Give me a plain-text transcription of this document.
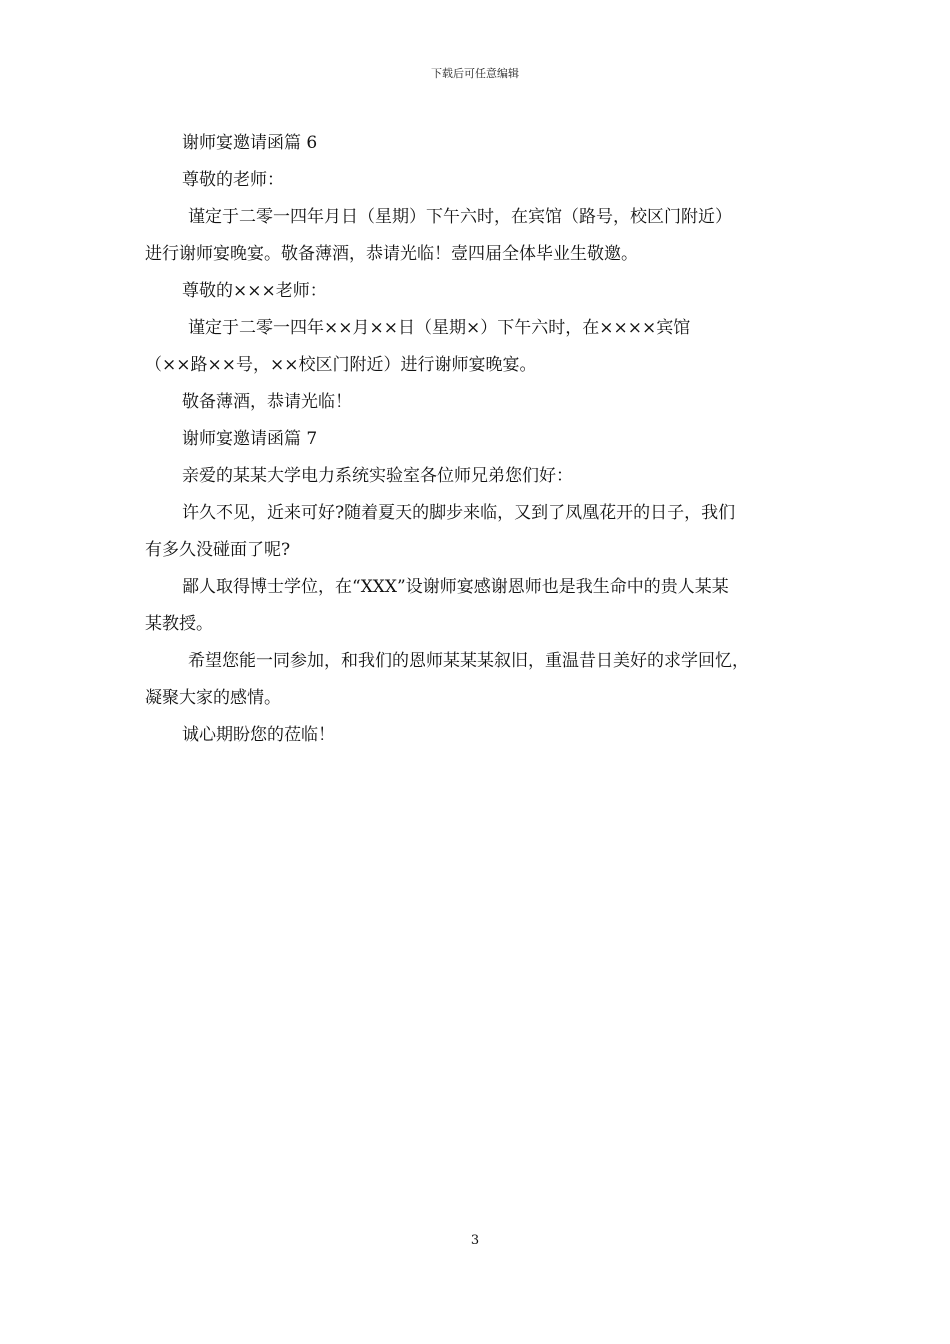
下载后可任意编辑

谢师宴邀请函篇 6

尊敬的老师：

谨定于二零一四年月日（星期）下午六时，在宾馆（路号，校区门附近）

进行谢师宴晚宴。敬备薄酒，恭请光临！壹四届全体毕业生敬邀。

尊敬的×××老师：

谨定于二零一四年××月××日（星期×）下午六时，在××××宾馆

（××路××号，××校区门附近）进行谢师宴晚宴。

敬备薄酒，恭请光临！

谢师宴邀请函篇 7

亲爱的某某大学电力系统实验室各位师兄弟您们好：

许久不见，近来可好?随着夏天的脚步来临，又到了凤凰花开的日子，我们

有多久没碰面了呢?

鄙人取得博士学位，在“XXX”设谢师宴感谢恩师也是我生命中的贵人某某

某教授。

希望您能一同参加，和我们的恩师某某某叙旧，重温昔日美好的求学回忆，

凝聚大家的感情。

诚心期盼您的莅临！

3
